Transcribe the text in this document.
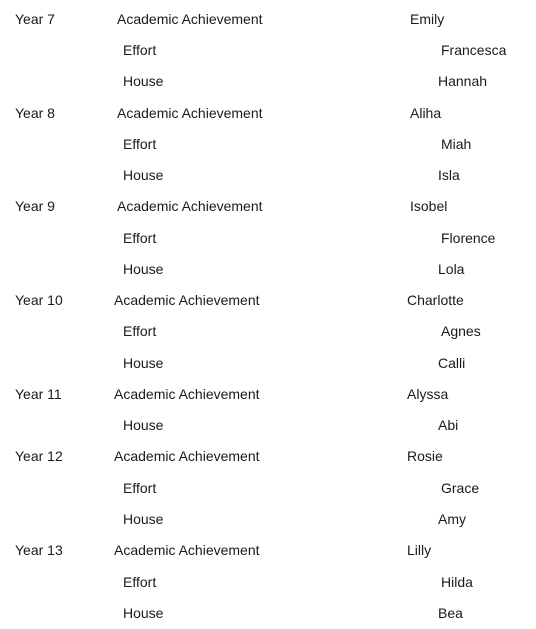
Year 7	Academic Achievement	Emily
Effort	Francesca
House	Hannah
Year 8	Academic Achievement	Aliha
Effort	Miah
House	Isla
Year 9	Academic Achievement	Isobel
Effort	Florence
House	Lola
Year 10	Academic Achievement	Charlotte
Effort	Agnes
House	Calli
Year 11	Academic Achievement	Alyssa
House	Abi
Year 12	Academic Achievement	Rosie
Effort	Grace
House	Amy
Year 13	Academic Achievement	Lilly
Effort	Hilda
House	Bea
